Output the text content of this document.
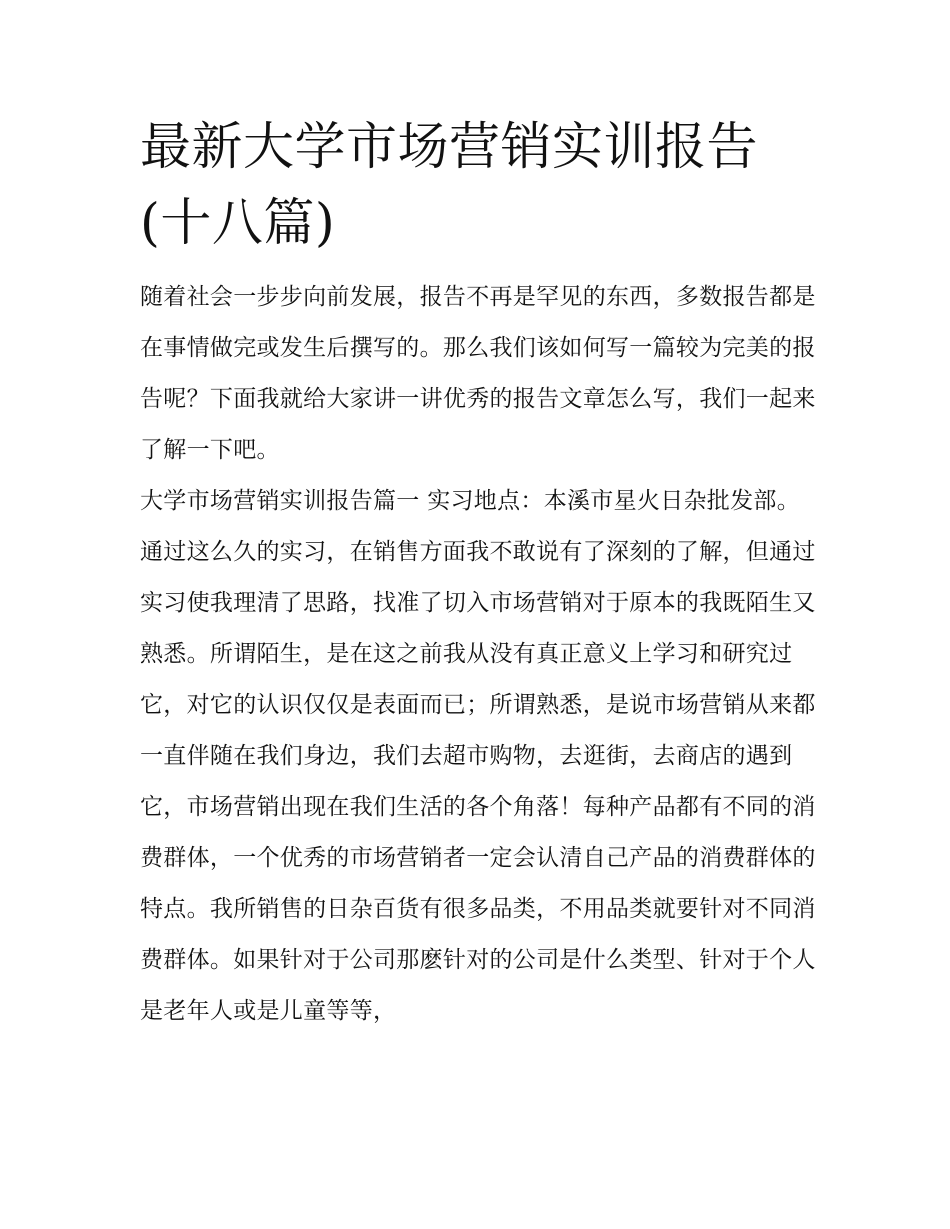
最新大学市场营销实训报告(十八篇)

随着社会一步步向前发展，报告不再是罕见的东西，多数报告都是在事情做完或发生后撰写的。那么我们该如何写一篇较为完美的报告呢？下面我就给大家讲一讲优秀的报告文章怎么写，我们一起来了解一下吧。

大学市场营销实训报告篇一 实习地点：本溪市星火日杂批发部。

通过这么久的实习，在销售方面我不敢说有了深刻的了解，但通过实习使我理清了思路，找准了切入市场营销对于原本的我既陌生又熟悉。所谓陌生，是在这之前我从没有真正意义上学习和研究过它，对它的认识仅仅是表面而已；所谓熟悉，是说市场营销从来都一直伴随在我们身边，我们去超市购物，去逛街，去商店的遇到它，市场营销出现在我们生活的各个角落！每种产品都有不同的消费群体，一个优秀的市场营销者一定会认清自己产品的消费群体的特点。我所销售的日杂百货有很多品类，不用品类就要针对不同消费群体。如果针对于公司那麽针对的公司是什么类型、针对于个人是老年人或是儿童等等，
